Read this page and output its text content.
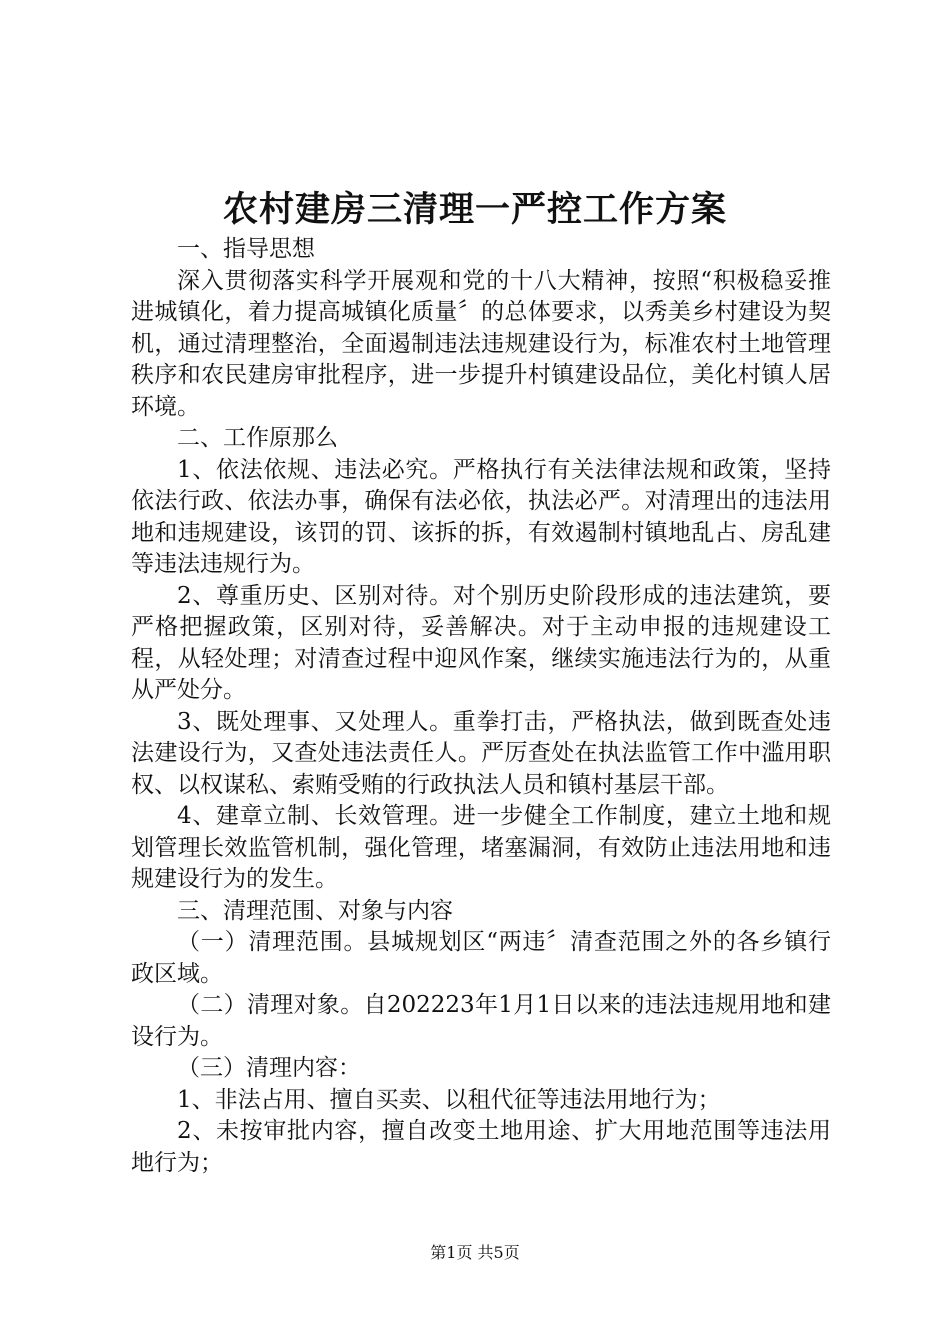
农村建房三清理一严控工作方案

一、指导思想

深入贯彻落实科学开展观和党的十八大精神，按照“积极稳妥推进城镇化，着力提高城镇化质量〞的总体要求，以秀美乡村建设为契机，通过清理整治，全面遏制违法违规建设行为，标准农村土地管理秩序和农民建房审批程序，进一步提升村镇建设品位，美化村镇人居环境。

二、工作原那么

1、依法依规、违法必究。严格执行有关法律法规和政策，坚持依法行政、依法办事，确保有法必依，执法必严。对清理出的违法用地和违规建设，该罚的罚、该拆的拆，有效遏制村镇地乱占、房乱建等违法违规行为。

2、尊重历史、区别对待。对个别历史阶段形成的违法建筑，要严格把握政策，区别对待，妥善解决。对于主动申报的违规建设工程，从轻处理；对清查过程中迎风作案，继续实施违法行为的，从重从严处分。

3、既处理事、又处理人。重拳打击，严格执法，做到既查处违法建设行为，又查处违法责任人。严厉查处在执法监管工作中滥用职权、以权谋私、索贿受贿的行政执法人员和镇村基层干部。

4、建章立制、长效管理。进一步健全工作制度，建立土地和规划管理长效监管机制，强化管理，堵塞漏洞，有效防止违法用地和违规建设行为的发生。

三、清理范围、对象与内容

（一）清理范围。县城规划区“两违〞清查范围之外的各乡镇行政区域。

（二）清理对象。自202223年1月1日以来的违法违规用地和建设行为。

（三）清理内容：

1、非法占用、擅自买卖、以租代征等违法用地行为；

2、未按审批内容，擅自改变土地用途、扩大用地范围等违法用地行为；

第1页 共5页
